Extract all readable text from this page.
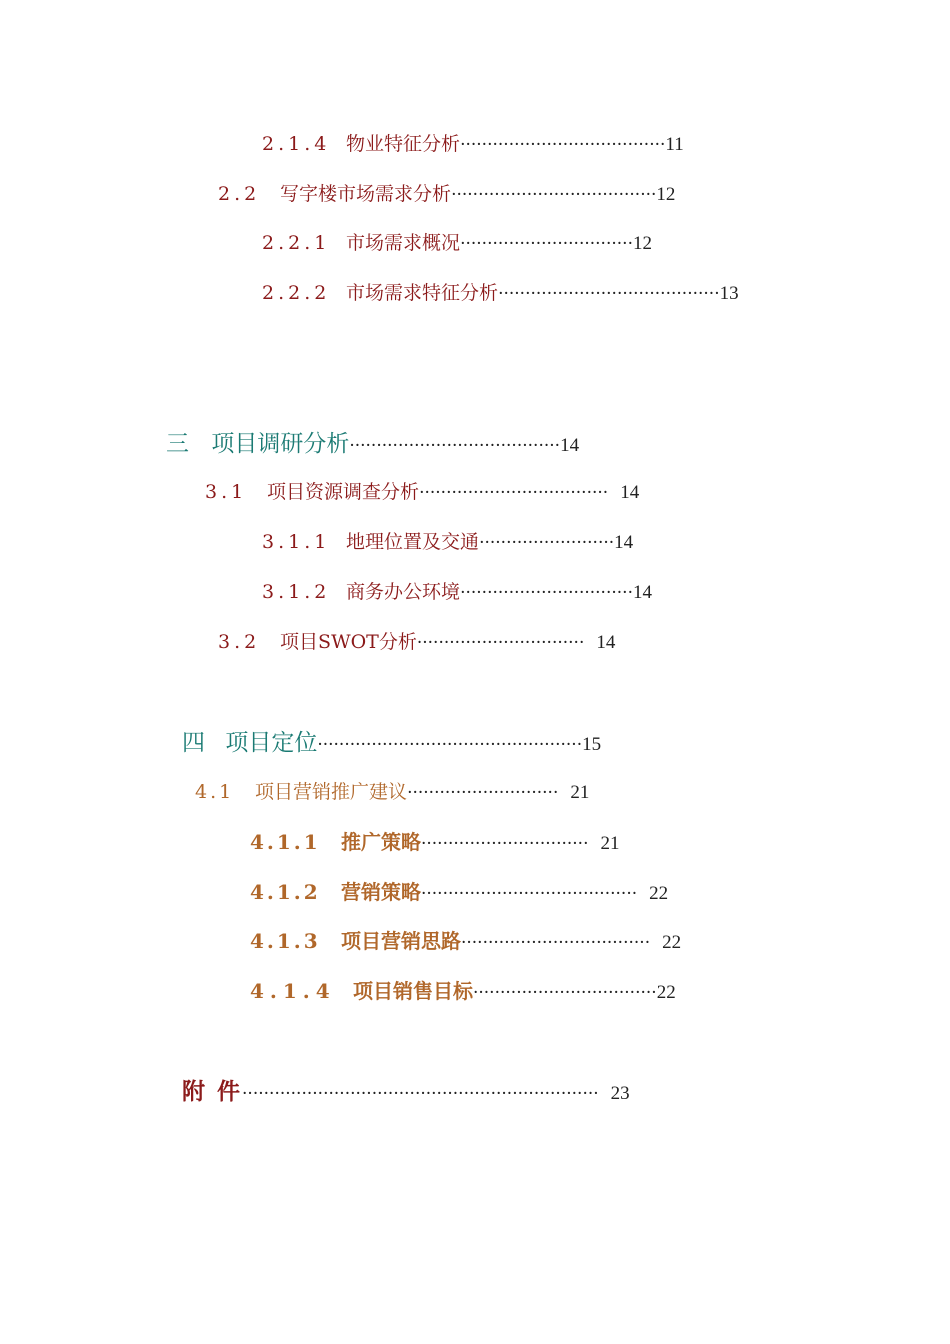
2.1.4 物业特征分析······································11
2.2 写字楼市场需求分析······································12
2.2.1 市场需求概况································12
2.2.2 市场需求特征分析·········································13
三 项目调研分析·······································14
3.1 项目资源调查分析··································· 14
3.1.1 地理位置及交通·························14
3.1.2 商务办公环境································14
3.2 项目SWOT分析······························· 14
四 项目定位·················································15
4.1 项目营销推广建议···························· 21
4.1.1 推广策略······························· 21
4.1.2 营销策略········································ 22
4.1.3 项目营销思路··································· 22
4.1.4 项目销售目标··································22
附 件·································································· 23
